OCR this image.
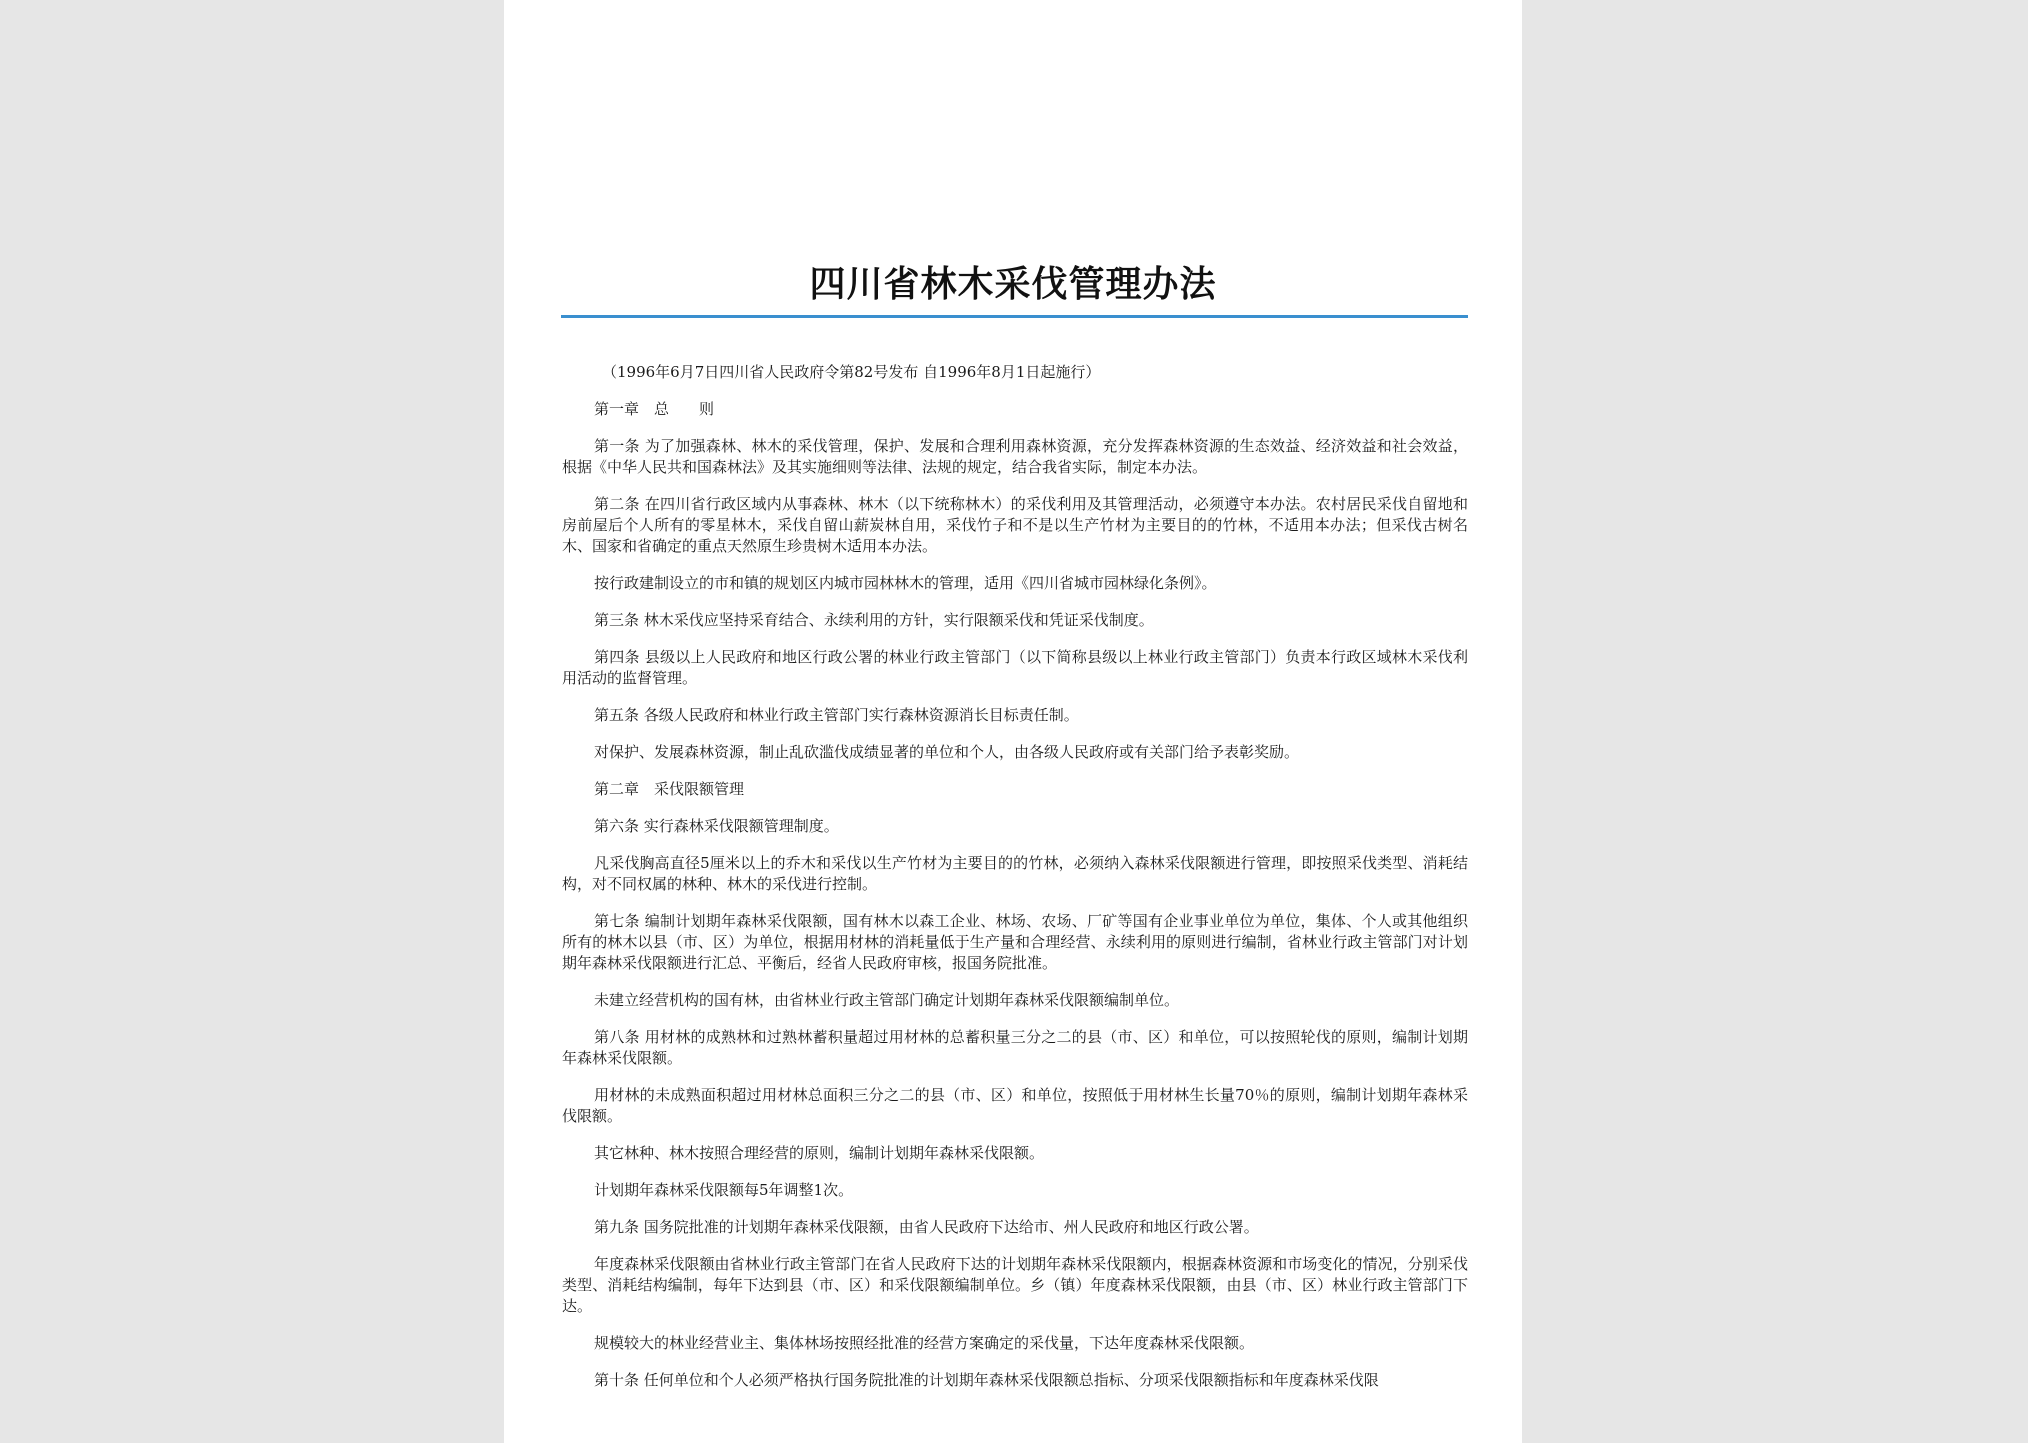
四川省林木采伐管理办法

（1996年6月7日四川省人民政府令第82号发布 自1996年8月1日起施行）

第一章　总　　则

第一条 为了加强森林、林木的采伐管理，保护、发展和合理利用森林资源，充分发挥森林资源的生态效益、经济效益和社会效益，根据《中华人民共和国森林法》及其实施细则等法律、法规的规定，结合我省实际，制定本办法。

第二条 在四川省行政区域内从事森林、林木（以下统称林木）的采伐利用及其管理活动，必须遵守本办法。农村居民采伐自留地和房前屋后个人所有的零星林木，采伐自留山薪炭林自用，采伐竹子和不是以生产竹材为主要目的的竹林，不适用本办法；但采伐古树名木、国家和省确定的重点天然原生珍贵树木适用本办法。

按行政建制设立的市和镇的规划区内城市园林林木的管理，适用《四川省城市园林绿化条例》。

第三条 林木采伐应坚持采育结合、永续利用的方针，实行限额采伐和凭证采伐制度。

第四条 县级以上人民政府和地区行政公署的林业行政主管部门（以下简称县级以上林业行政主管部门）负责本行政区域林木采伐利用活动的监督管理。

第五条 各级人民政府和林业行政主管部门实行森林资源消长目标责任制。

对保护、发展森林资源，制止乱砍滥伐成绩显著的单位和个人，由各级人民政府或有关部门给予表彰奖励。

第二章　采伐限额管理

第六条 实行森林采伐限额管理制度。

凡采伐胸高直径5厘米以上的乔木和采伐以生产竹材为主要目的的竹林，必须纳入森林采伐限额进行管理，即按照采伐类型、消耗结构，对不同权属的林种、林木的采伐进行控制。

第七条 编制计划期年森林采伐限额，国有林木以森工企业、林场、农场、厂矿等国有企业事业单位为单位，集体、个人或其他组织所有的林木以县（市、区）为单位，根据用材林的消耗量低于生产量和合理经营、永续利用的原则进行编制，省林业行政主管部门对计划期年森林采伐限额进行汇总、平衡后，经省人民政府审核，报国务院批准。

未建立经营机构的国有林，由省林业行政主管部门确定计划期年森林采伐限额编制单位。

第八条 用材林的成熟林和过熟林蓄积量超过用材林的总蓄积量三分之二的县（市、区）和单位，可以按照轮伐的原则，编制计划期年森林采伐限额。

用材林的未成熟面积超过用材林总面积三分之二的县（市、区）和单位，按照低于用材林生长量70％的原则，编制计划期年森林采伐限额。

其它林种、林木按照合理经营的原则，编制计划期年森林采伐限额。

计划期年森林采伐限额每5年调整1次。

第九条 国务院批准的计划期年森林采伐限额，由省人民政府下达给市、州人民政府和地区行政公署。

年度森林采伐限额由省林业行政主管部门在省人民政府下达的计划期年森林采伐限额内，根据森林资源和市场变化的情况，分别采伐类型、消耗结构编制，每年下达到县（市、区）和采伐限额编制单位。乡（镇）年度森林采伐限额，由县（市、区）林业行政主管部门下达。

规模较大的林业经营业主、集体林场按照经批准的经营方案确定的采伐量，下达年度森林采伐限额。

第十条 任何单位和个人必须严格执行国务院批准的计划期年森林采伐限额总指标、分项采伐限额指标和年度森林采伐限
